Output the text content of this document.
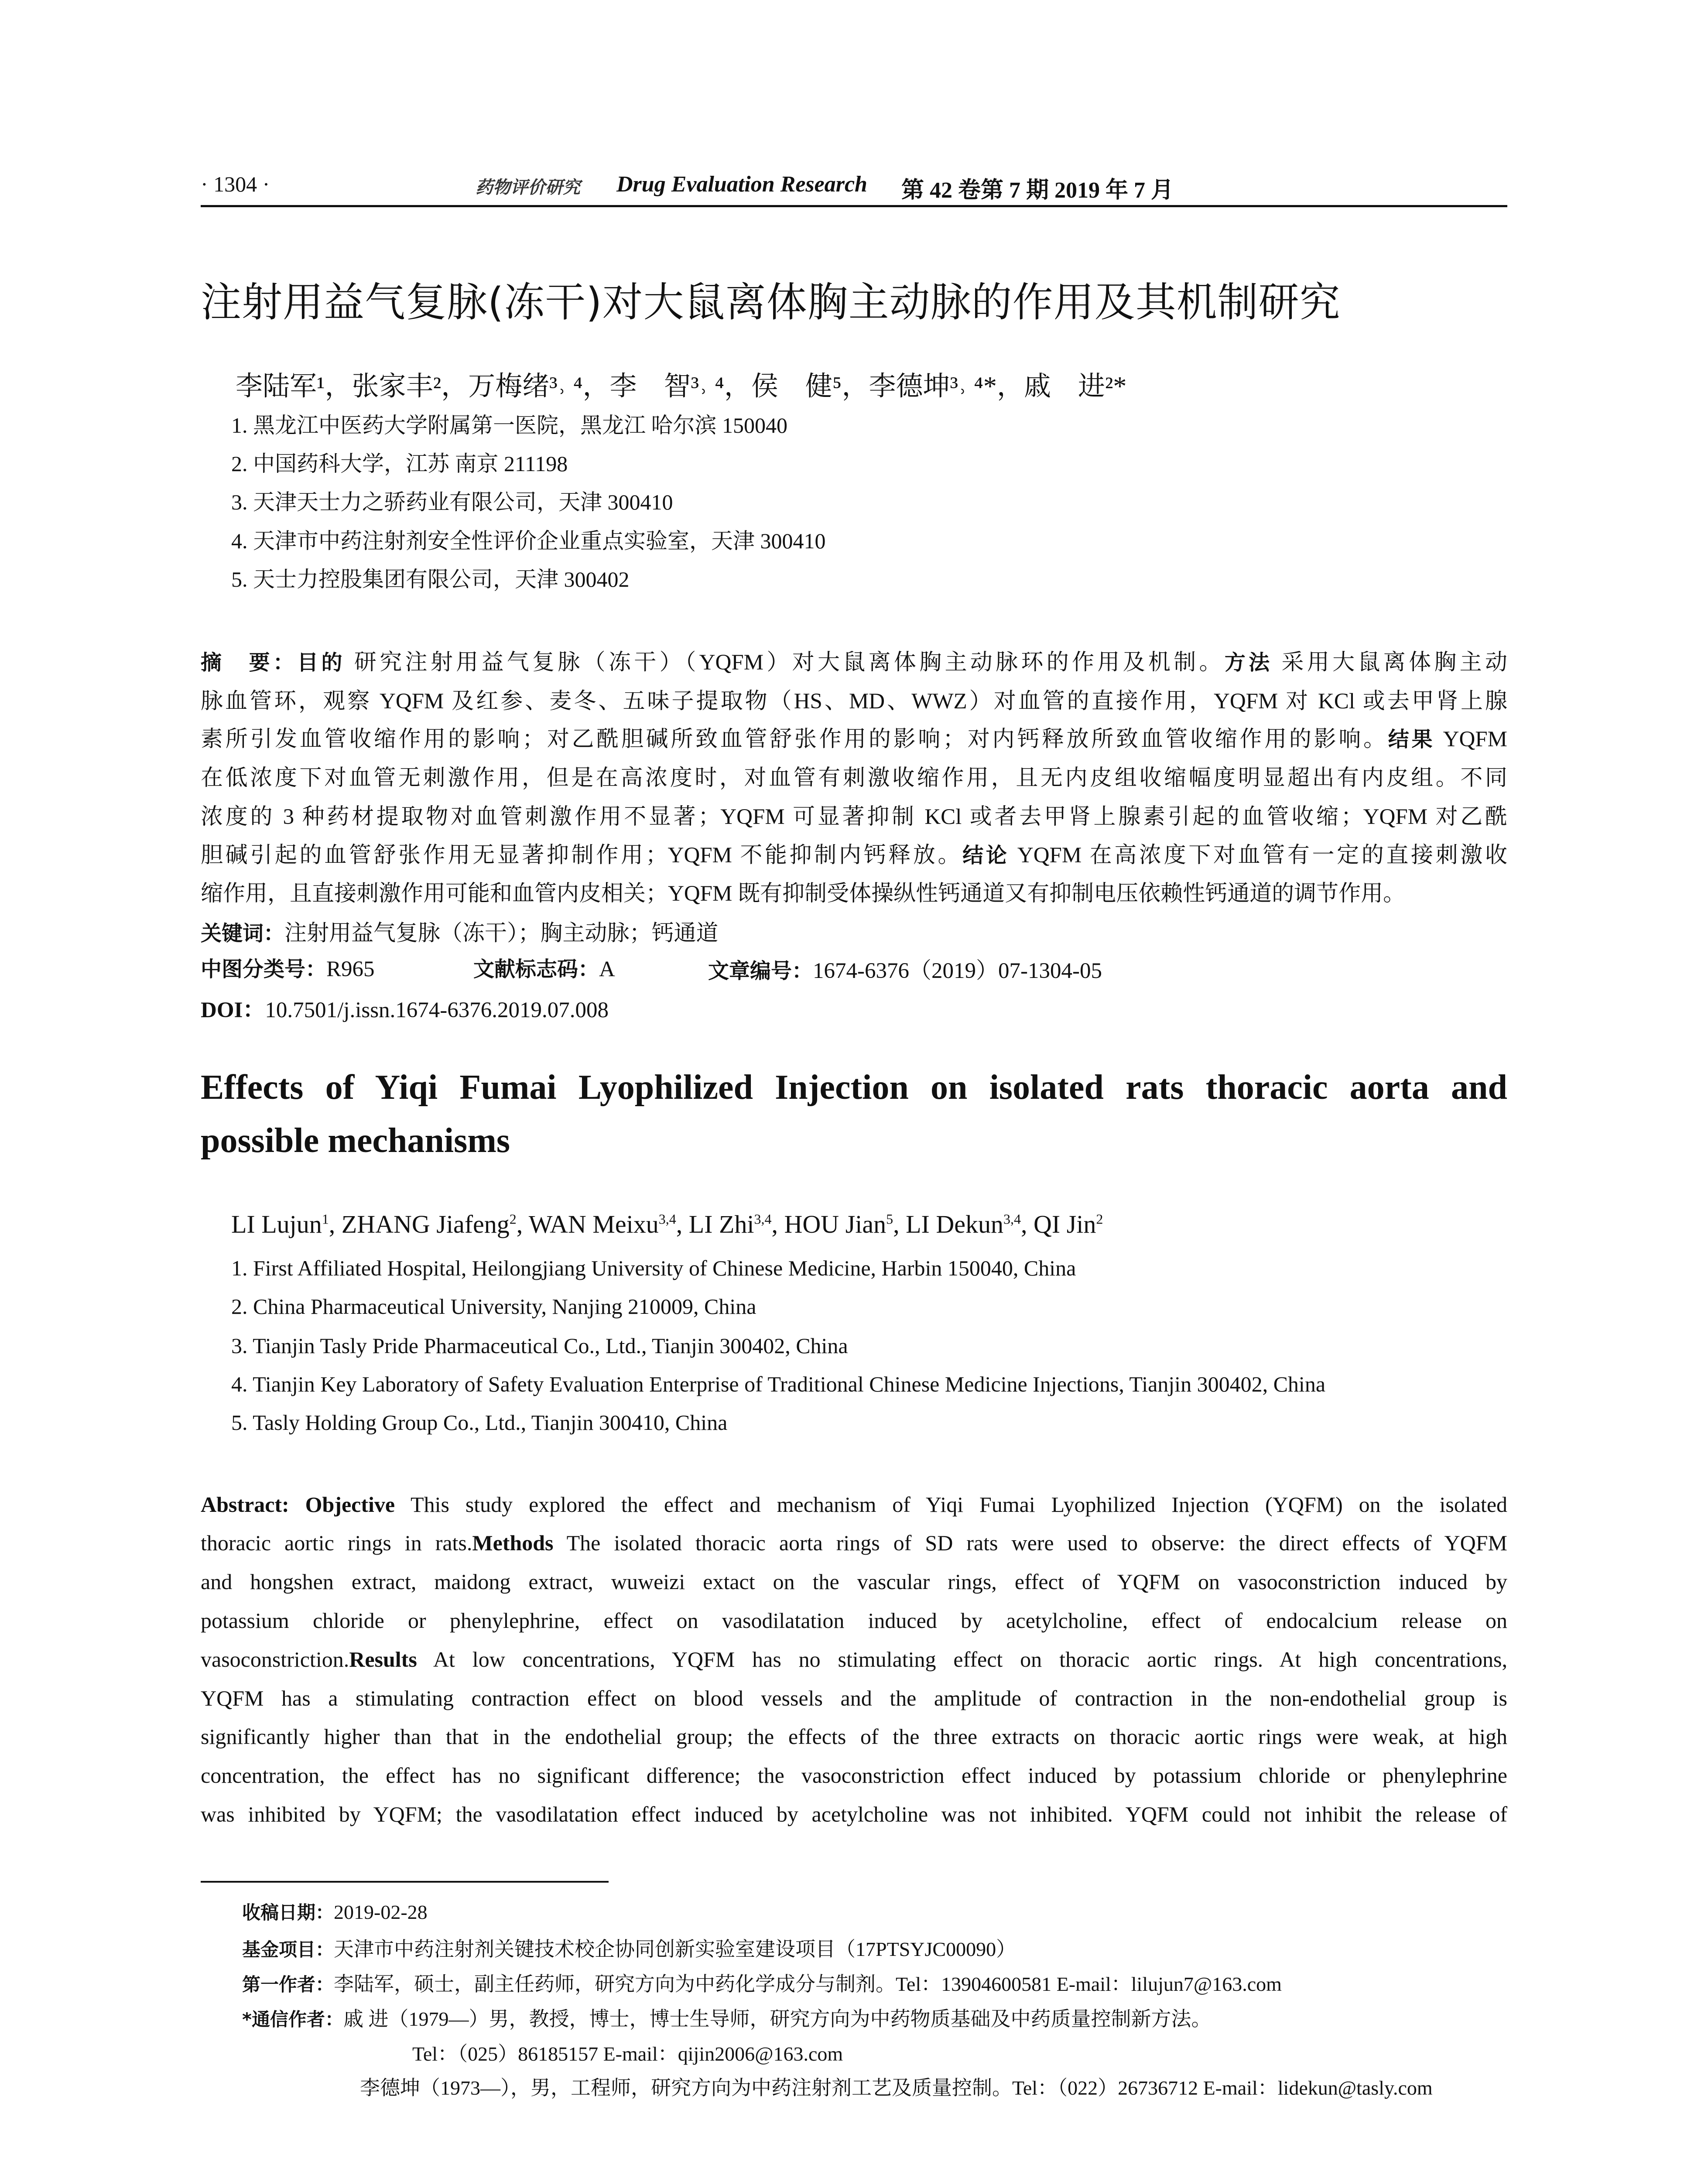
· 1304 ·	药物评价研究 Drug Evaluation Research 第 42 卷第 7 期 2019 年 7 月
注射用益气复脉(冻干)对大鼠离体胸主动脉的作用及其机制研究
李陆军¹，张家丰²，万梅绪³˒ ⁴，李　智³˒ ⁴，侯　健⁵，李德坤³˒ ⁴*，戚　进²*
1. 黑龙江中医药大学附属第一医院，黑龙江 哈尔滨 150040
2. 中国药科大学，江苏 南京 211198
3. 天津天士力之骄药业有限公司，天津 300410
4. 天津市中药注射剂安全性评价企业重点实验室，天津 300410
5. 天士力控股集团有限公司，天津 300402
摘　要：目的 研究注射用益气复脉（冻干）（YQFM）对大鼠离体胸主动脉环的作用及机制。方法 采用大鼠离体胸主动
脉血管环，观察 YQFM 及红参、麦冬、五味子提取物（HS、MD、WWZ）对血管的直接作用，YQFM 对 KCl 或去甲肾上腺
素所引发血管收缩作用的影响；对乙酰胆碱所致血管舒张作用的影响；对内钙释放所致血管收缩作用的影响。结果 YQFM
在低浓度下对血管无刺激作用，但是在高浓度时，对血管有刺激收缩作用，且无内皮组收缩幅度明显超出有内皮组。不同
浓度的 3 种药材提取物对血管刺激作用不显著；YQFM 可显著抑制 KCl 或者去甲肾上腺素引起的血管收缩；YQFM 对乙酰
胆碱引起的血管舒张作用无显著抑制作用；YQFM 不能抑制内钙释放。结论 YQFM 在高浓度下对血管有一定的直接刺激收
缩作用，且直接刺激作用可能和血管内皮相关；YQFM 既有抑制受体操纵性钙通道又有抑制电压依赖性钙通道的调节作用。
关键词：注射用益气复脉（冻干）；胸主动脉；钙通道
中图分类号：R965	文献标志码：A	文章编号：1674-6376（2019）07-1304-05
DOI：10.7501/j.issn.1674-6376.2019.07.008
Effects of Yiqi Fumai Lyophilized Injection on isolated rats thoracic aorta and
possible mechanisms
LI Lujun$^1$, ZHANG Jiafeng$^2$, WAN Meixu$^{3,4}$, LI Zhi$^{3,4}$, HOU Jian$^5$, LI Dekun$^{3,4}$, QI Jin$^2$
1. First Affiliated Hospital, Heilongjiang University of Chinese Medicine, Harbin 150040, China
2. China Pharmaceutical University, Nanjing 210009, China
3. Tianjin Tasly Pride Pharmaceutical Co., Ltd., Tianjin 300402, China
4. Tianjin Key Laboratory of Safety Evaluation Enterprise of Traditional Chinese Medicine Injections, Tianjin 300402, China
5. Tasly Holding Group Co., Ltd., Tianjin 300410, China
Abstract: Objective This study explored the effect and mechanism of Yiqi Fumai Lyophilized Injection (YQFM) on the isolated
thoracic aortic rings in rats.Methods The isolated thoracic aorta rings of SD rats were used to observe: the direct effects of YQFM
and hongshen extract, maidong extract, wuweizi extact on the vascular rings, effect of YQFM on vasoconstriction induced by
potassium chloride or phenylephrine, effect on vasodilatation induced by acetylcholine, effect of endocalcium release on
vasoconstriction.Results At low concentrations, YQFM has no stimulating effect on thoracic aortic rings. At high concentrations,
YQFM has a stimulating contraction effect on blood vessels and the amplitude of contraction in the non-endothelial group is
significantly higher than that in the endothelial group; the effects of the three extracts on thoracic aortic rings were weak, at high
concentration, the effect has no significant difference; the vasoconstriction effect induced by potassium chloride or phenylephrine
was inhibited by YQFM; the vasodilatation effect induced by acetylcholine was not inhibited. YQFM could not inhibit the release of
收稿日期：2019-02-28
基金项目：天津市中药注射剂关键技术校企协同创新实验室建设项目（17PTSYJC00090）
第一作者：李陆军，硕士，副主任药师，研究方向为中药化学成分与制剂。Tel：13904600581 E-mail：lilujun7@163.com
*通信作者：戚 进（1979—）男，教授，博士，博士生导师，研究方向为中药物质基础及中药质量控制新方法。
Tel：（025）86185157 E-mail：qijin2006@163.com
李德坤（1973—），男，工程师，研究方向为中药注射剂工艺及质量控制。Tel：（022）26736712 E-mail：lidekun@tasly.com
